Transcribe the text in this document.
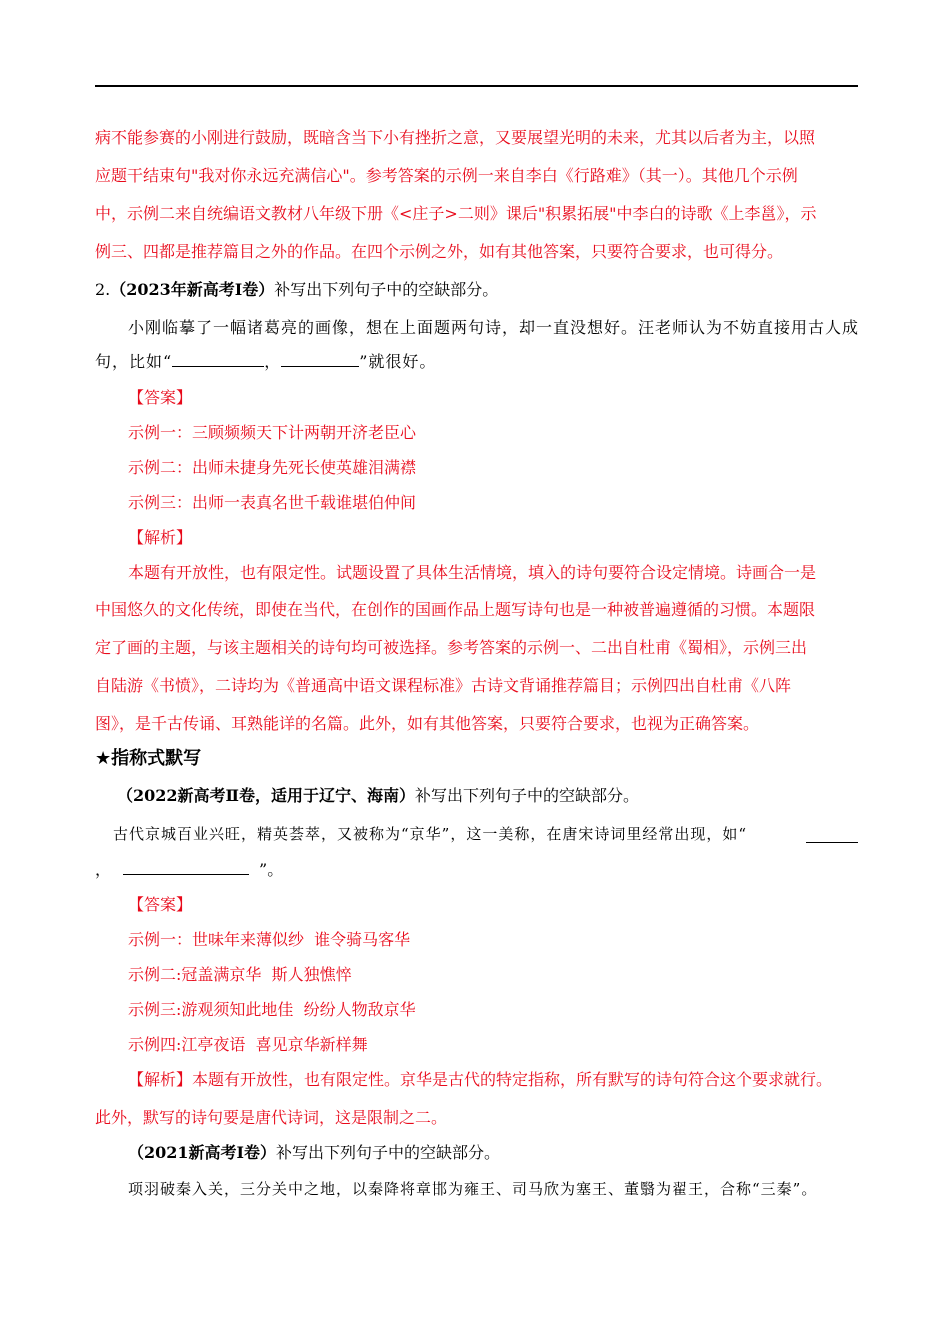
病不能参赛的小刚进行鼓励，既暗含当下小有挫折之意，又要展望光明的未来，尤其以后者为主，以照
应题干结束句"我对你永远充满信心"。参考答案的示例一来自李白《行路难》（其一）。其他几个示例
中，示例二来自统编语文教材八年级下册《<庄子>二则》课后"积累拓展"中李白的诗歌《上李邕》，示
例三、四都是推荐篇目之外的作品。在四个示例之外，如有其他答案，只要符合要求，也可得分。
2.（2023年新高考Ⅰ卷）补写出下列句子中的空缺部分。
小刚临摹了一幅诸葛亮的画像，想在上面题两句诗，却一直没想好。汪老师认为不妨直接用古人成
句，比如“	，	”就很好。
【答案】
示例一：三顾频频天下计两朝开济老臣心
示例二：出师未捷身先死长使英雄泪满襟
示例三：出师一表真名世千载谁堪伯仲间
【解析】
本题有开放性，也有限定性。试题设置了具体生活情境，填入的诗句要符合设定情境。诗画合一是
中国悠久的文化传统，即使在当代，在创作的国画作品上题写诗句也是一种被普遍遵循的习惯。本题限
定了画的主题，与该主题相关的诗句均可被选择。参考答案的示例一、二出自杜甫《蜀相》，示例三出
自陆游《书愤》，二诗均为《普通高中语文课程标准》古诗文背诵推荐篇目；示例四出自杜甫《八阵
图》，是千古传诵、耳熟能详的名篇。此外，如有其他答案，只要符合要求，也视为正确答案。
★指称式默写
（2022新高考Ⅱ卷，适用于辽宁、海南）补写出下列句子中的空缺部分。
古代京城百业兴旺，精英荟萃，又被称为“京华”，这一美称，在唐宋诗词里经常出现，如“
，	”。
【答案】
示例一：世味年来薄似纱  谁令骑马客华
示例二:冠盖满京华  斯人独憔悴
示例三:游观须知此地佳  纷纷人物敌京华
示例四:江亭夜语  喜见京华新样舞
【解析】本题有开放性，也有限定性。京华是古代的特定指称，所有默写的诗句符合这个要求就行。
此外，默写的诗句要是唐代诗词，这是限制之二。
（2021新高考Ⅰ卷）补写出下列句子中的空缺部分。
项羽破秦入关，三分关中之地，以秦降将章邯为雍王、司马欣为塞王、董翳为翟王，合称“三秦”。
